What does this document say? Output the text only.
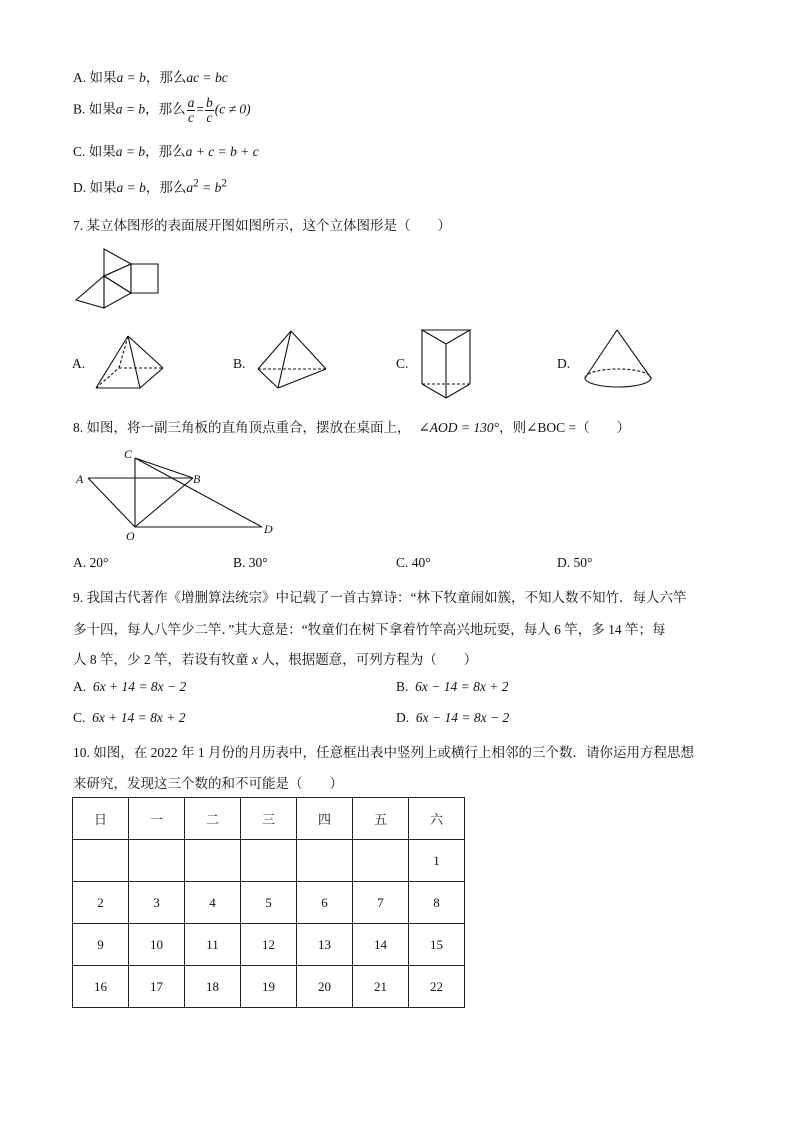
A. 如果a = b，那么ac = bc
B. 如果a = b，那么 $\frac{a}{c} = \frac{b}{c} (c \ne 0)$
C. 如果a = b，那么a + c = b + c
D. 如果a = b，那么$a^2 = b^2$
7. 某立体图形的表面展开图如图所示，这个立体图形是（　　）
A.	B.	C.	D.
8. 如图，将一副三角板的直角顶点重合，摆放在桌面上， ∠AOD = 130°，则∠BOC =（　　）
C
A	B
O	D
A. 20°	B. 30°	C. 40°	D. 50°
9. 我国古代著作《增删算法统宗》中记载了一首古算诗：“林下牧童闹如簇，不知人数不知竹．每人六竿
多十四，每人八竿少二竿．”其大意是：“牧童们在树下拿着竹竿高兴地玩耍，每人 6 竿，多 14 竿；每
人 8 竿，少 2 竿，若设有牧童 x 人，根据题意，可列方程为（　　）
A. 6x + 14 = 8x − 2	B. 6x − 14 = 8x + 2
C. 6x + 14 = 8x + 2	D. 6x − 14 = 8x − 2
10. 如图，在 2022 年 1 月份的月历表中，任意框出表中竖列上或横行上相邻的三个数．请你运用方程思想
来研究，发现这三个数的和不可能是（　　）
日	一	二	三	四	五	六
						1
2	3	4	5	6	7	8
9	10	11	12	13	14	15
16	17	18	19	20	21	22
